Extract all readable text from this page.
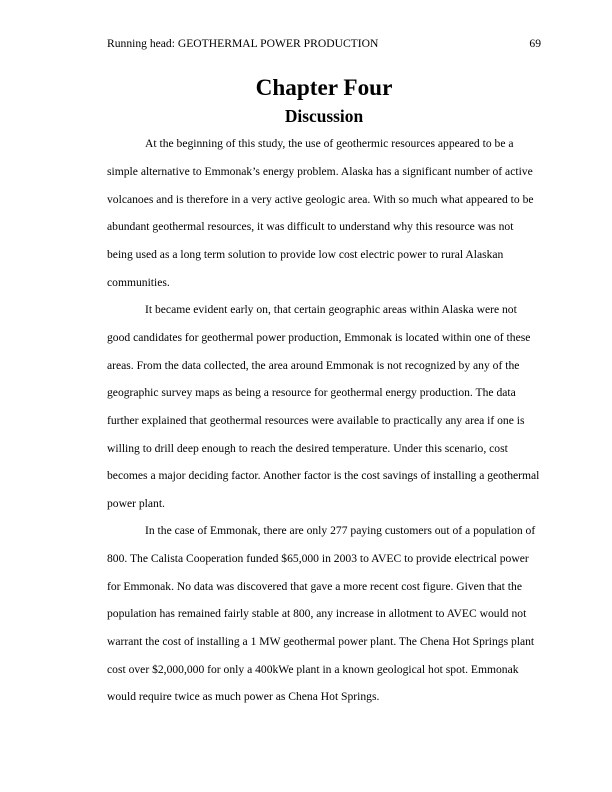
Running head: GEOTHERMAL POWER PRODUCTION	69
Chapter Four
Discussion

At the beginning of this study, the use of geothermic resources appeared to be a simple alternative to Emmonak’s energy problem. Alaska has a significant number of active volcanoes and is therefore in a very active geologic area. With so much what appeared to be abundant geothermal resources, it was difficult to understand why this resource was not being used as a long term solution to provide low cost electric power to rural Alaskan communities.

It became evident early on, that certain geographic areas within Alaska were not good candidates for geothermal power production, Emmonak is located within one of these areas. From the data collected, the area around Emmonak is not recognized by any of the geographic survey maps as being a resource for geothermal energy production. The data further explained that geothermal resources were available to practically any area if one is willing to drill deep enough to reach the desired temperature. Under this scenario, cost becomes a major deciding factor. Another factor is the cost savings of installing a geothermal power plant.

In the case of Emmonak, there are only 277 paying customers out of a population of 800. The Calista Cooperation funded $65,000 in 2003 to AVEC to provide electrical power for Emmonak. No data was discovered that gave a more recent cost figure. Given that the population has remained fairly stable at 800, any increase in allotment to AVEC would not warrant the cost of installing a 1 MW geothermal power plant. The Chena Hot Springs plant cost over $2,000,000 for only a 400kWe plant in a known geological hot spot. Emmonak would require twice as much power as Chena Hot Springs.
